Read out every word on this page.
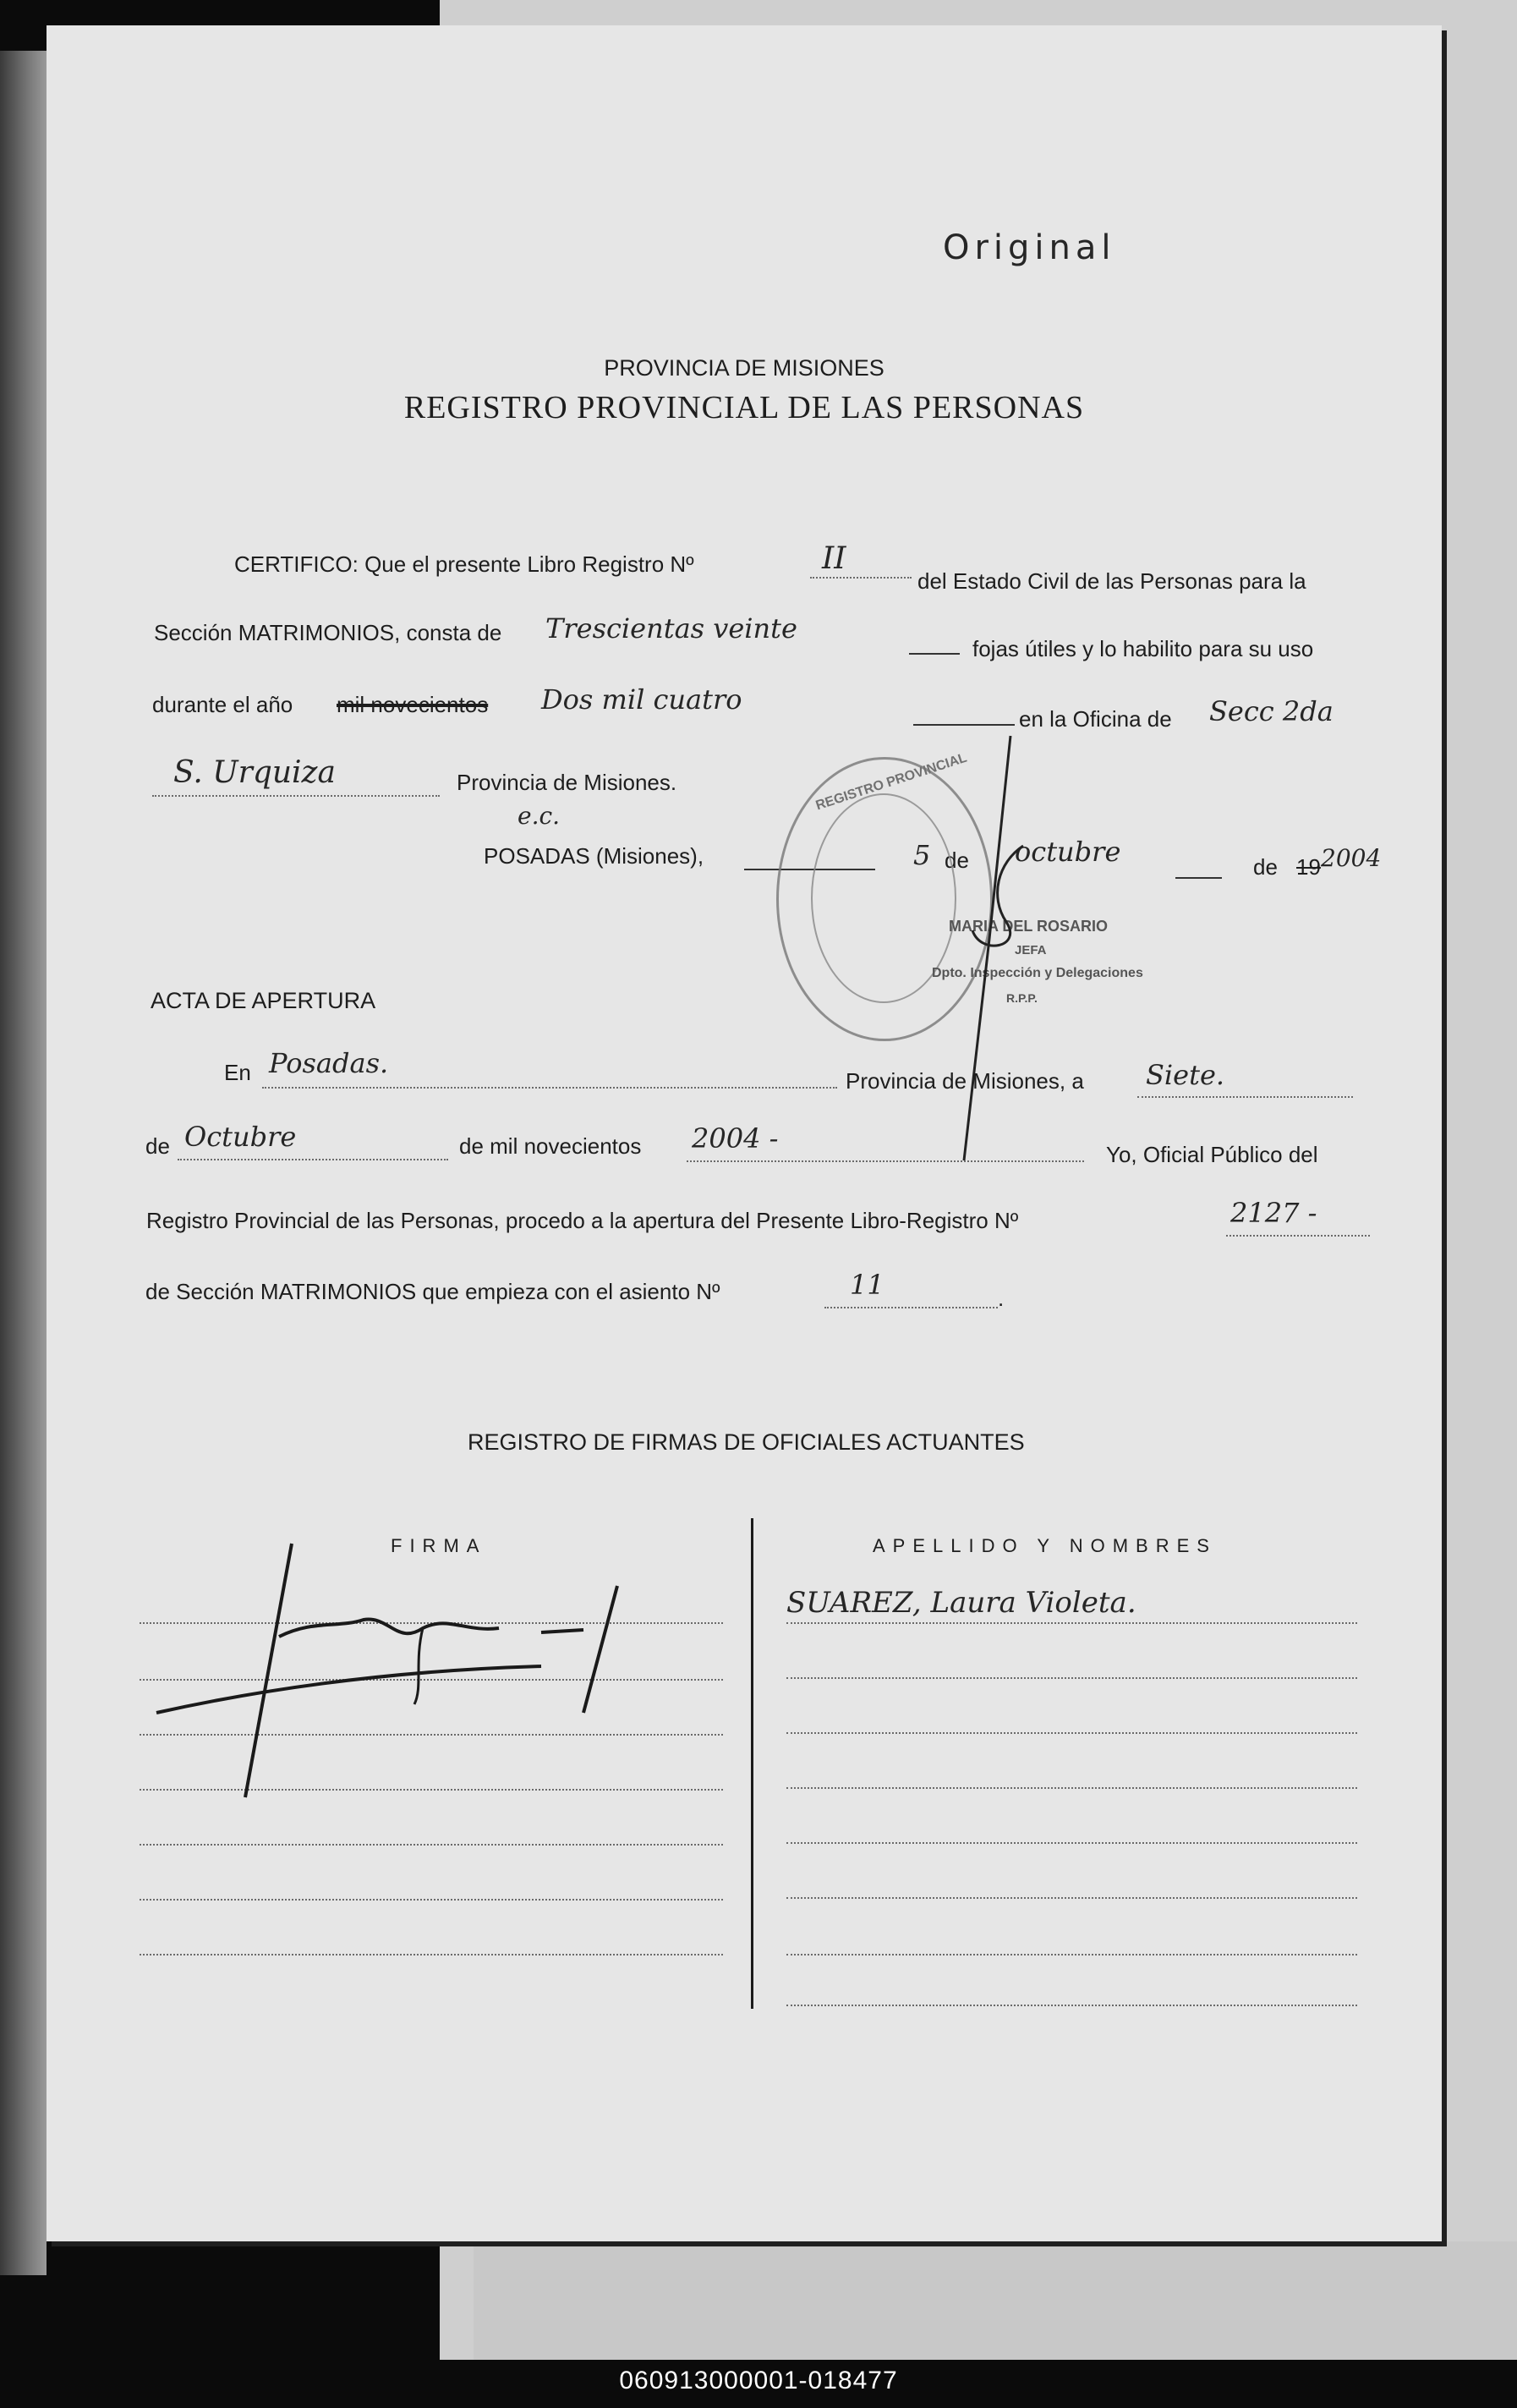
Original
PROVINCIA DE MISIONES
REGISTRO PROVINCIAL DE LAS PERSONAS
CERTIFICO: Que el presente Libro Registro Nº	II
del Estado Civil de las Personas para la
Sección MATRIMONIOS, consta de Trescientas veinte
fojas útiles y lo habilito para su uso
durante el año mil novecientos Dos mil cuatro
en la Oficina de Secc 2da
S. Urquiza	Provincia de Misiones.
e.c.
POSADAS (Misiones),	5 de octubre	de 19 2004
REGISTRO PROVINCIAL
MARIA DEL ROSARIO
JEFA
Dpto. Inspección y Delegaciones
R.P.P.
ACTA DE APERTURA
En Posadas.
Provincia de Misiones, a Siete.
de Octubre	de mil novecientos 2004 -	Yo, Oficial Público del
Registro Provincial de las Personas, procedo a la apertura del Presente Libro-Registro Nº	2127 -
de Sección MATRIMONIOS que empieza con el asiento Nº	11	.
REGISTRO DE FIRMAS DE OFICIALES ACTUANTES
FIRMA	APELLIDO Y NOMBRES
SUAREZ, Laura Violeta.
060913000001-018477
